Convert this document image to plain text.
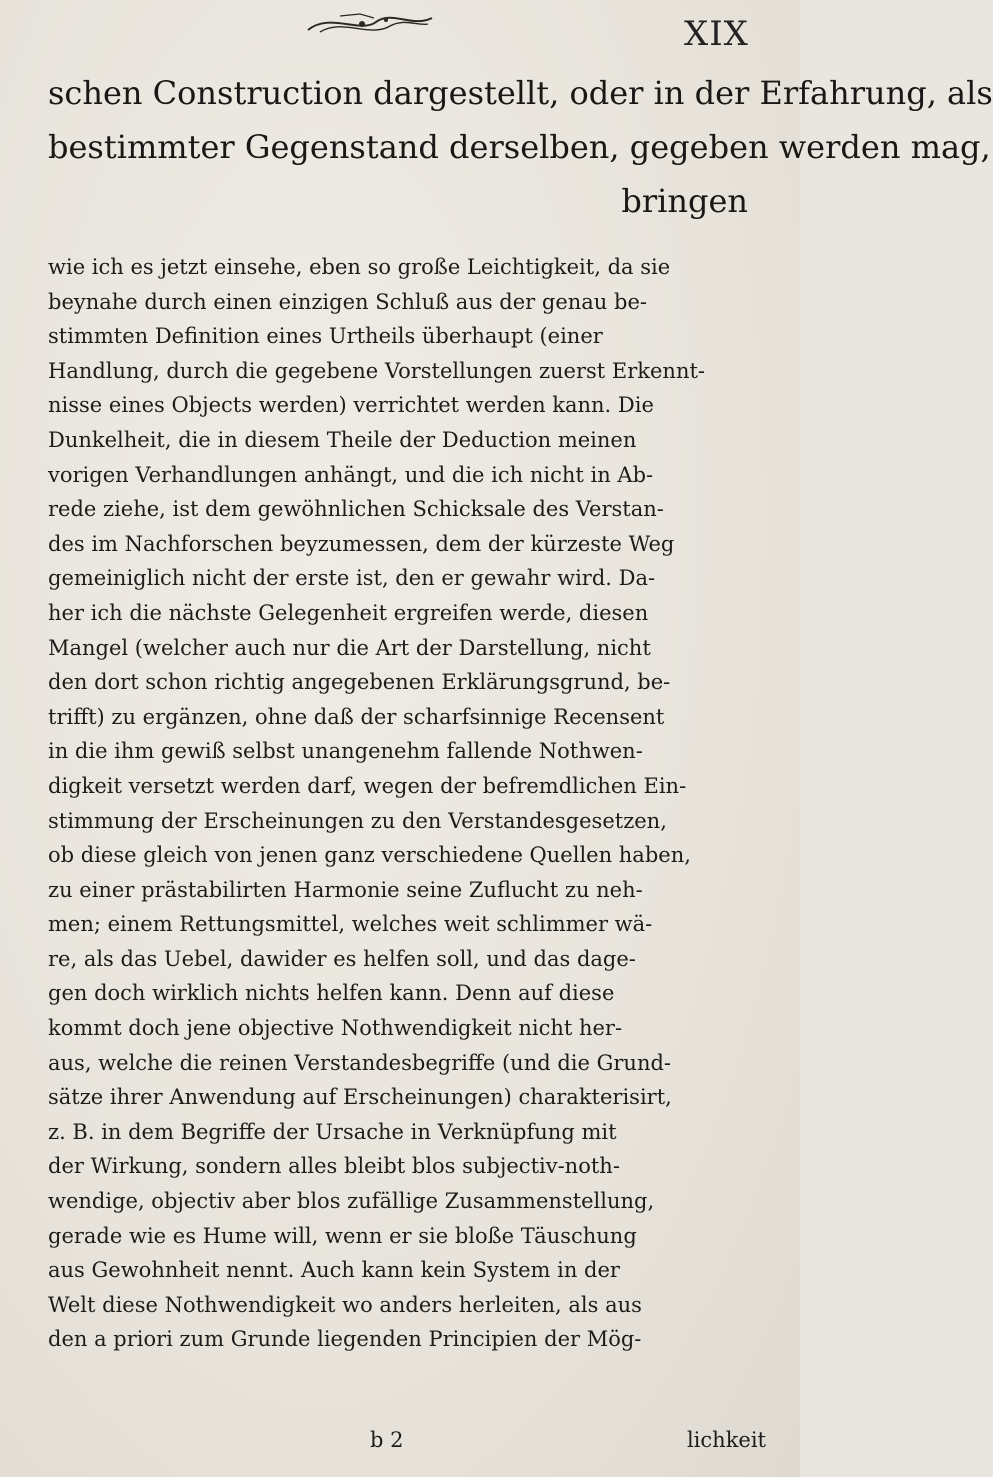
XIX
schen Construction dargestellt, oder in der Erfahrung, als
bestimmter Gegenstand derselben, gegeben werden mag,
bringen
wie ich es jetzt einsehe, eben so große Leichtigkeit, da sie
beynahe durch einen einzigen Schluß aus der genau be-
stimmten Definition eines Urtheils überhaupt (einer
Handlung, durch die gegebene Vorstellungen zuerst Erkennt-
nisse eines Objects werden) verrichtet werden kann. Die
Dunkelheit, die in diesem Theile der Deduction meinen
vorigen Verhandlungen anhängt, und die ich nicht in Ab-
rede ziehe, ist dem gewöhnlichen Schicksale des Verstan-
des im Nachforschen beyzumessen, dem der kürzeste Weg
gemeiniglich nicht der erste ist, den er gewahr wird. Da-
her ich die nächste Gelegenheit ergreifen werde, diesen
Mangel (welcher auch nur die Art der Darstellung, nicht
den dort schon richtig angegebenen Erklärungsgrund, be-
trifft) zu ergänzen, ohne daß der scharfsinnige Recensent
in die ihm gewiß selbst unangenehm fallende Nothwen-
digkeit versetzt werden darf, wegen der befremdlichen Ein-
stimmung der Erscheinungen zu den Verstandesgesetzen,
ob diese gleich von jenen ganz verschiedene Quellen haben,
zu einer prästabilirten Harmonie seine Zuflucht zu neh-
men; einem Rettungsmittel, welches weit schlimmer wä-
re, als das Uebel, dawider es helfen soll, und das dage-
gen doch wirklich nichts helfen kann. Denn auf diese
kommt doch jene objective Nothwendigkeit nicht her-
aus, welche die reinen Verstandesbegriffe (und die Grund-
sätze ihrer Anwendung auf Erscheinungen) charakterisirt,
z. B. in dem Begriffe der Ursache in Verknüpfung mit
der Wirkung, sondern alles bleibt blos subjectiv-noth-
wendige, objectiv aber blos zufällige Zusammenstellung,
gerade wie es Hume will, wenn er sie bloße Täuschung
aus Gewohnheit nennt. Auch kann kein System in der
Welt diese Nothwendigkeit wo anders herleiten, als aus
den a priori zum Grunde liegenden Principien der Mög-
b 2	lichkeit
